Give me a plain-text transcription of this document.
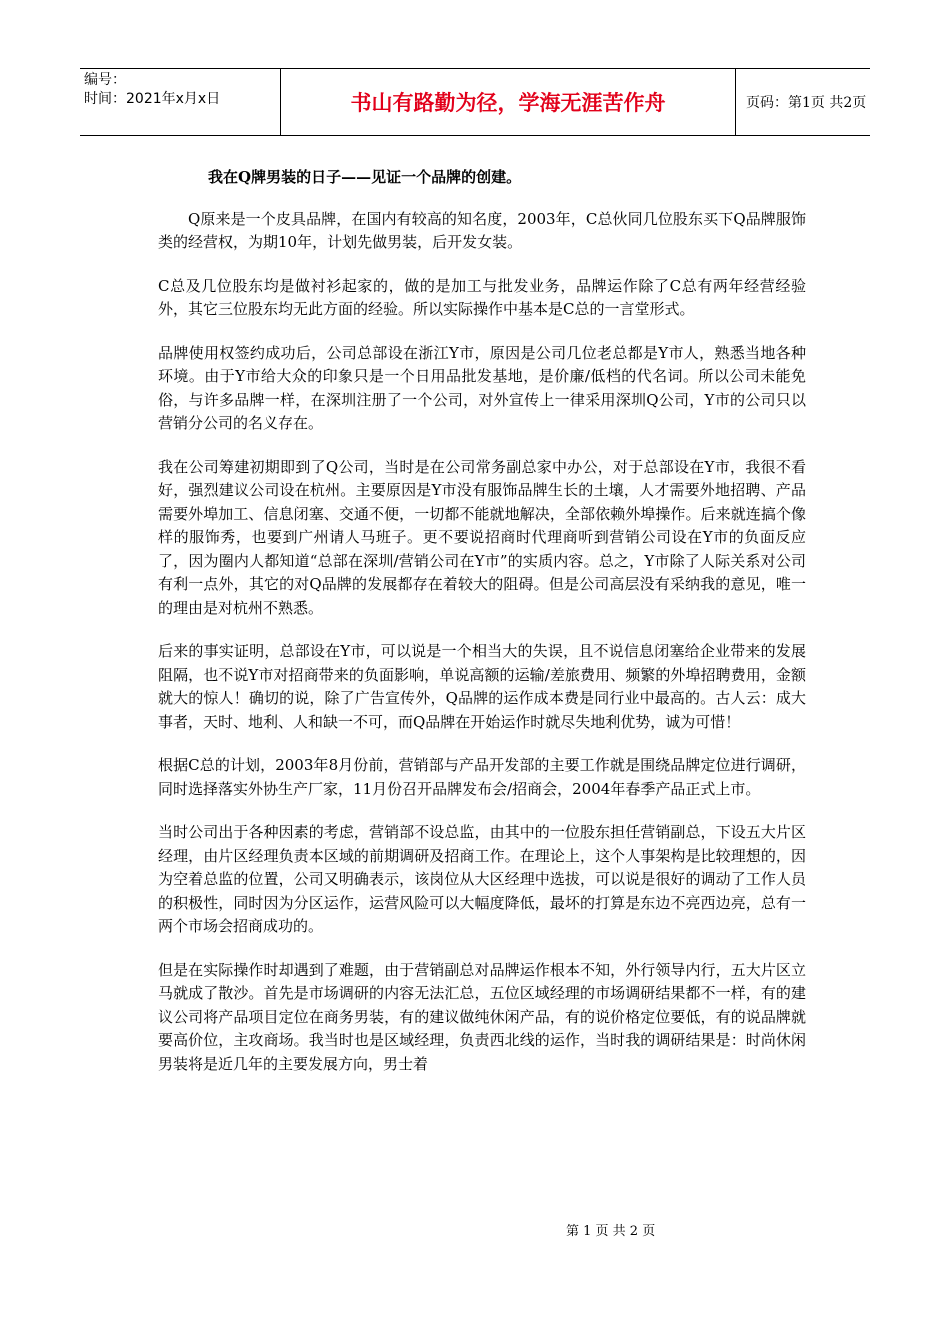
编号：
时间：2021年x月x日	书山有路勤为径，学海无涯苦作舟	页码：第1页 共2页
我在Q牌男装的日子——见证一个品牌的创建。

Q原来是一个皮具品牌，在国内有较高的知名度，2003年，C总伙同几位股东买下Q品牌服饰类的经营权，为期10年，计划先做男装，后开发女装。

C总及几位股东均是做衬衫起家的，做的是加工与批发业务，品牌运作除了C总有两年经营经验外，其它三位股东均无此方面的经验。所以实际操作中基本是C总的一言堂形式。

品牌使用权签约成功后，公司总部设在浙江Y市，原因是公司几位老总都是Y市人，熟悉当地各种环境。由于Y市给大众的印象只是一个日用品批发基地，是价廉/低档的代名词。所以公司未能免俗，与许多品牌一样，在深圳注册了一个公司，对外宣传上一律采用深圳Q公司，Y市的公司只以营销分公司的名义存在。

我在公司筹建初期即到了Q公司，当时是在公司常务副总家中办公，对于总部设在Y市，我很不看好，强烈建议公司设在杭州。主要原因是Y市没有服饰品牌生长的土壤，人才需要外地招聘、产品需要外埠加工、信息闭塞、交通不便，一切都不能就地解决，全部依赖外埠操作。后来就连搞个像样的服饰秀，也要到广州请人马班子。更不要说招商时代理商听到营销公司设在Y市的负面反应了，因为圈内人都知道“总部在深圳/营销公司在Y市”的实质内容。总之，Y市除了人际关系对公司有利一点外，其它的对Q品牌的发展都存在着较大的阻碍。但是公司高层没有采纳我的意见，唯一的理由是对杭州不熟悉。

后来的事实证明，总部设在Y市，可以说是一个相当大的失误，且不说信息闭塞给企业带来的发展阻隔，也不说Y市对招商带来的负面影响，单说高额的运输/差旅费用、频繁的外埠招聘费用，金额就大的惊人！确切的说，除了广告宣传外，Q品牌的运作成本费是同行业中最高的。古人云：成大事者，天时、地利、人和缺一不可，而Q品牌在开始运作时就尽失地利优势，诚为可惜！

根据C总的计划，2003年8月份前，营销部与产品开发部的主要工作就是围绕品牌定位进行调研，同时选择落实外协生产厂家，11月份召开品牌发布会/招商会，2004年春季产品正式上市。

当时公司出于各种因素的考虑，营销部不设总监，由其中的一位股东担任营销副总，下设五大片区经理，由片区经理负责本区域的前期调研及招商工作。在理论上，这个人事架构是比较理想的，因为空着总监的位置，公司又明确表示，该岗位从大区经理中选拔，可以说是很好的调动了工作人员的积极性，同时因为分区运作，运营风险可以大幅度降低，最坏的打算是东边不亮西边亮，总有一两个市场会招商成功的。

但是在实际操作时却遇到了难题，由于营销副总对品牌运作根本不知，外行领导内行，五大片区立马就成了散沙。首先是市场调研的内容无法汇总，五位区域经理的市场调研结果都不一样，有的建议公司将产品项目定位在商务男装，有的建议做纯休闲产品，有的说价格定位要低，有的说品牌就要高价位，主攻商场。我当时也是区域经理，负责西北线的运作，当时我的调研结果是：时尚休闲男装将是近几年的主要发展方向，男士着

第 1 页 共 2 页
